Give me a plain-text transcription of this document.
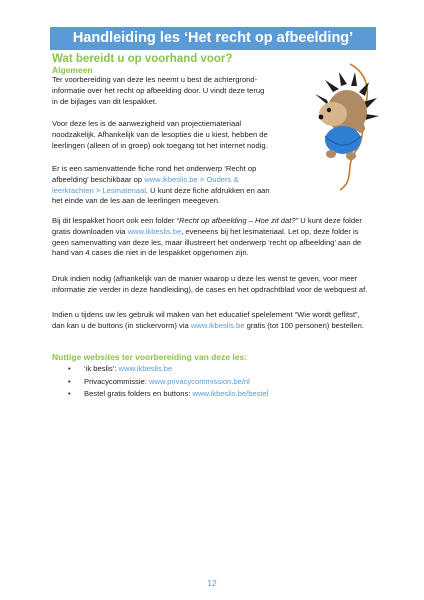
Handleiding les ‘Het recht op afbeelding’
Wat bereidt u op voorhand voor?
Algemeen

Ter voorbereiding van deze les neemt u best de achtergrond-informatie over het recht op afbeelding door. U vindt deze terug in de bijlages van dit lespakket.

Voor deze les is de aanwezigheid van projectiemateriaal noodzakelijk. Afhankelijk van de lesopties die u kiest, hebben de leerlingen (alleen of in groep) ook toegang tot het internet nodig.

Er is een samenvattende fiche rond het onderwerp ‘Recht op afbeelding’ beschikbaar op www.ikbeslis.be > Ouders & leerkrachten > Lesmateriaal. U kunt deze fiche afdrukken en aan het einde van de les aan de leerlingen meegeven.

Bij dit lespakket hoort ook een folder “Recht op afbeelding – Hoe zit dat?” U kunt deze folder gratis downloaden via www.ikbeslis.be, eveneens bij het lesmateriaal. Let op, deze folder is geen samenvatting van deze les, maar illustreert het onderwerp ‘recht op afbeelding’ aan de hand van 4 cases die niet in de lespakket opgenomen zijn.

Druk indien nodig (afhankelijk van de manier waarop u deze les wenst te geven, voor meer informatie zie verder in deze handleiding), de cases en het opdrachtblad voor de webquest af.

Indien u tijdens uw les gebruik wil maken van het educatief spelelement “Wie wordt geflitst”, dan kan u de buttons (in stickervorm) via www.ikbeslis.be gratis (tot 100 personen) bestellen.

Nuttige websites ter voorbereiding van deze les:
• ‘ik beslis’: www.ikbeslis.be
• Privacycommissie: www.privacycommission.be/nl
• Bestel gratis folders en buttons: www.ikbeslis.be/bestel
12
